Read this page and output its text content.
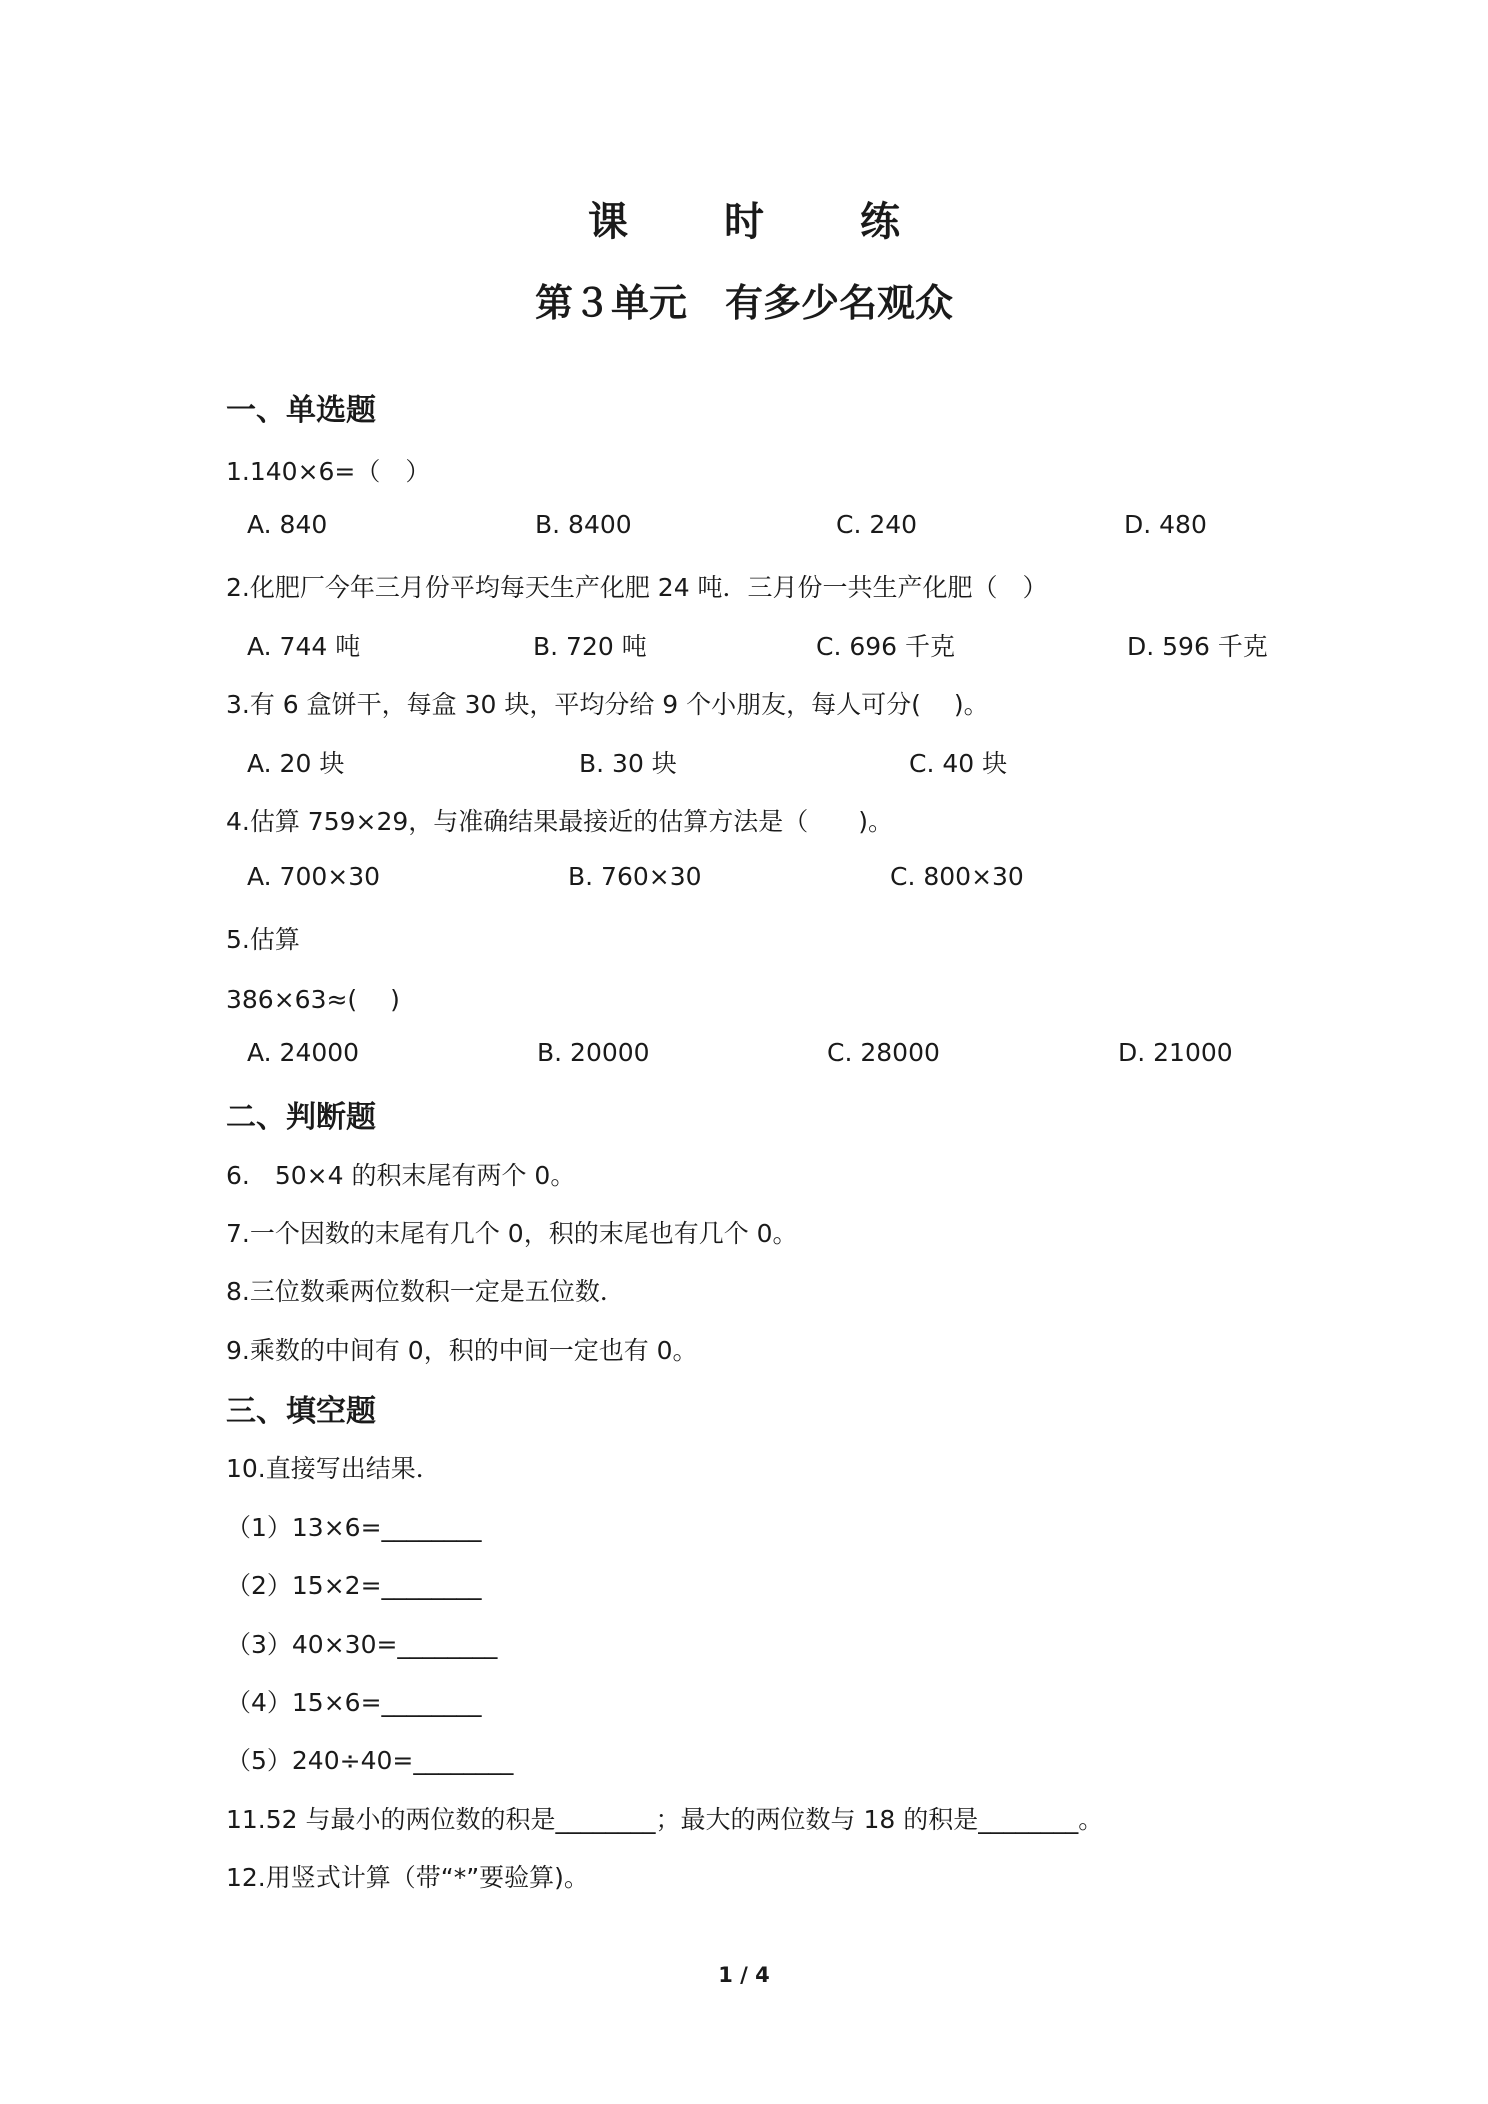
课　时　练
第３单元　有多少名观众
一、单选题
1.140×6=（　）
A. 840	B. 8400	C. 240	D. 480
2.化肥厂今年三月份平均每天生产化肥 24 吨．三月份一共生产化肥（　）
A. 744 吨	B. 720 吨	C. 696 千克	D. 596 千克
3.有 6 盒饼干，每盒 30 块，平均分给 9 个小朋友，每人可分(　 )。
A. 20 块	B. 30 块	C. 40 块
4.估算 759×29，与准确结果最接近的估算方法是（　　)。
A. 700×30	B. 760×30	C. 800×30
5.估算
386×63≈(　 )
A. 24000	B. 20000	C. 28000	D. 21000
二、判断题
6.　50×4 的积末尾有两个 0。
7.一个因数的末尾有几个 0，积的末尾也有几个 0。
8.三位数乘两位数积一定是五位数．
9.乘数的中间有 0，积的中间一定也有 0。
三、填空题
10.直接写出结果．
（1）13×6=________
（2）15×2=________
（3）40×30=________
（4）15×6=________
（5）240÷40=________
11.52 与最小的两位数的积是________；最大的两位数与 18 的积是________。
12.用竖式计算（带“*”要验算)。
1 / 4
